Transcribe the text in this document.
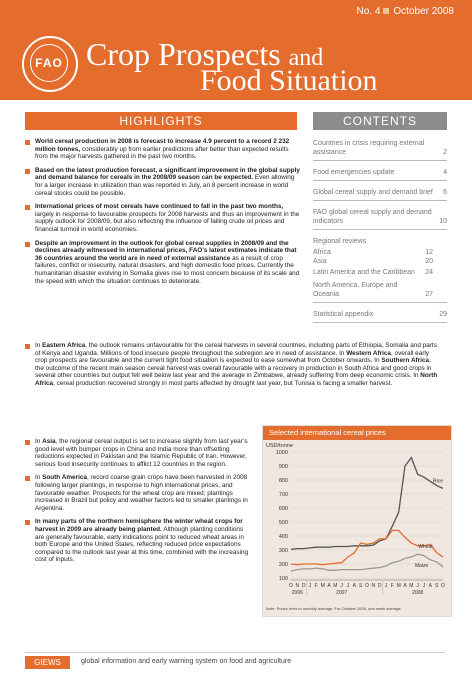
No. 4 October 2008
FAO Crop Prospects and
Food Situation
HIGHLIGHTS	CONTENTS
Countries in crisis requiring external assistance	2
Food emergencies update	4
Global cereal supply and demand brief 6
FAO global cereal supply and demand indicators	10
Regional reviews
Africa	12
Asia	20
Latin America and the Caribbean 24
North America, Europe and Oceania	27
Statistical appendix	29
World cereal production in 2008 is forecast to increase 4.9 percent to a record 2 232 million tonnes, considerably up from earlier predictions after better than expected results from the major harvests gathered in the past two months.
Based on the latest production forecast, a significant improvement in the global supply and demand balance for cereals in the 2008/09 season can be expected. Even allowing for a larger increase in utilization than was reported in July, an 8 percent increase in world cereal stocks could be possible.
International prices of most cereals have continued to fall in the past two months, largely in response to favourable prospects for 2008 harvests and thus an improvement in the supply outlook for 2008/09, but also reflecting the influence of falling crude oil prices and financial turmoil in world economies.
Despite an improvement in the outlook for global cereal supplies in 2008/09 and the declines already witnessed in international prices, FAO’s latest estimates indicate that 36 countries around the world are in need of external assistance as a result of crop failures, conflict or insecurity, natural disasters, and high domestic food prices. Currently the humanitarian disaster evolving in Somalia gives rise to most concern because of its scale and the speed with which the situation continues to deteriorate.
In Eastern Africa, the outlook remains unfavourable for the cereal harvests in several countries, including parts of Ethiopia, Somalia and parts of Kenya and Uganda. Millions of food insecure people throughout the subregion are in need of assistance. In Western Africa, overall early crop prospects are favourable and the current tight food situation is expected to ease somewhat from October onwards. In Southern Africa, the outcome of the recent main season cereal harvest was overall favourable with a recovery in production in South Africa and good crops in several other countries but output fell well below last year and the average in Zimbabwe, already suffering from deep economic crisis. In North Africa, cereal production recovered strongly in most parts affected by drought last year, but Tunisia is facing a smaller harvest.
In Asia, the regional cereal output is set to increase slightly from last year’s good level with bumper crops in China and India more than offsetting reductions expected in Pakistan and the Islamic Republic of Iran. However, serious food insecurity continues to afflict 12 countries in the region.
In South America, record coarse grain crops have been harvested in 2008 following larger plantings, in response to high international prices, and favourable weather. Prospects for the wheat crop are mixed; plantings increased in Brazil but policy and weather factors led to smaller plantings in Argentina.
In many parts of the northern hemisphere the winter wheat crops for harvest in 2009 are already being planted. Although planting conditions are generally favourable, early indications point to reduced wheat areas in both Europe and the United States, reflecting reduced price expectations compared to the outlook last year at this time, combined with the increasing cost of inputs.
Selected international cereal prices
USD/tonne
1000
900
800
700
600
500
400
300
200
100
O N D J F M A M J J A S O N D J F M A M J J A S O
2006	2007	2008
Rice
Wheat
Maize
Note: Prices refer to monthly average. For October 2008, one week average.
GIEWS	global information and early warning system on food and agriculture
